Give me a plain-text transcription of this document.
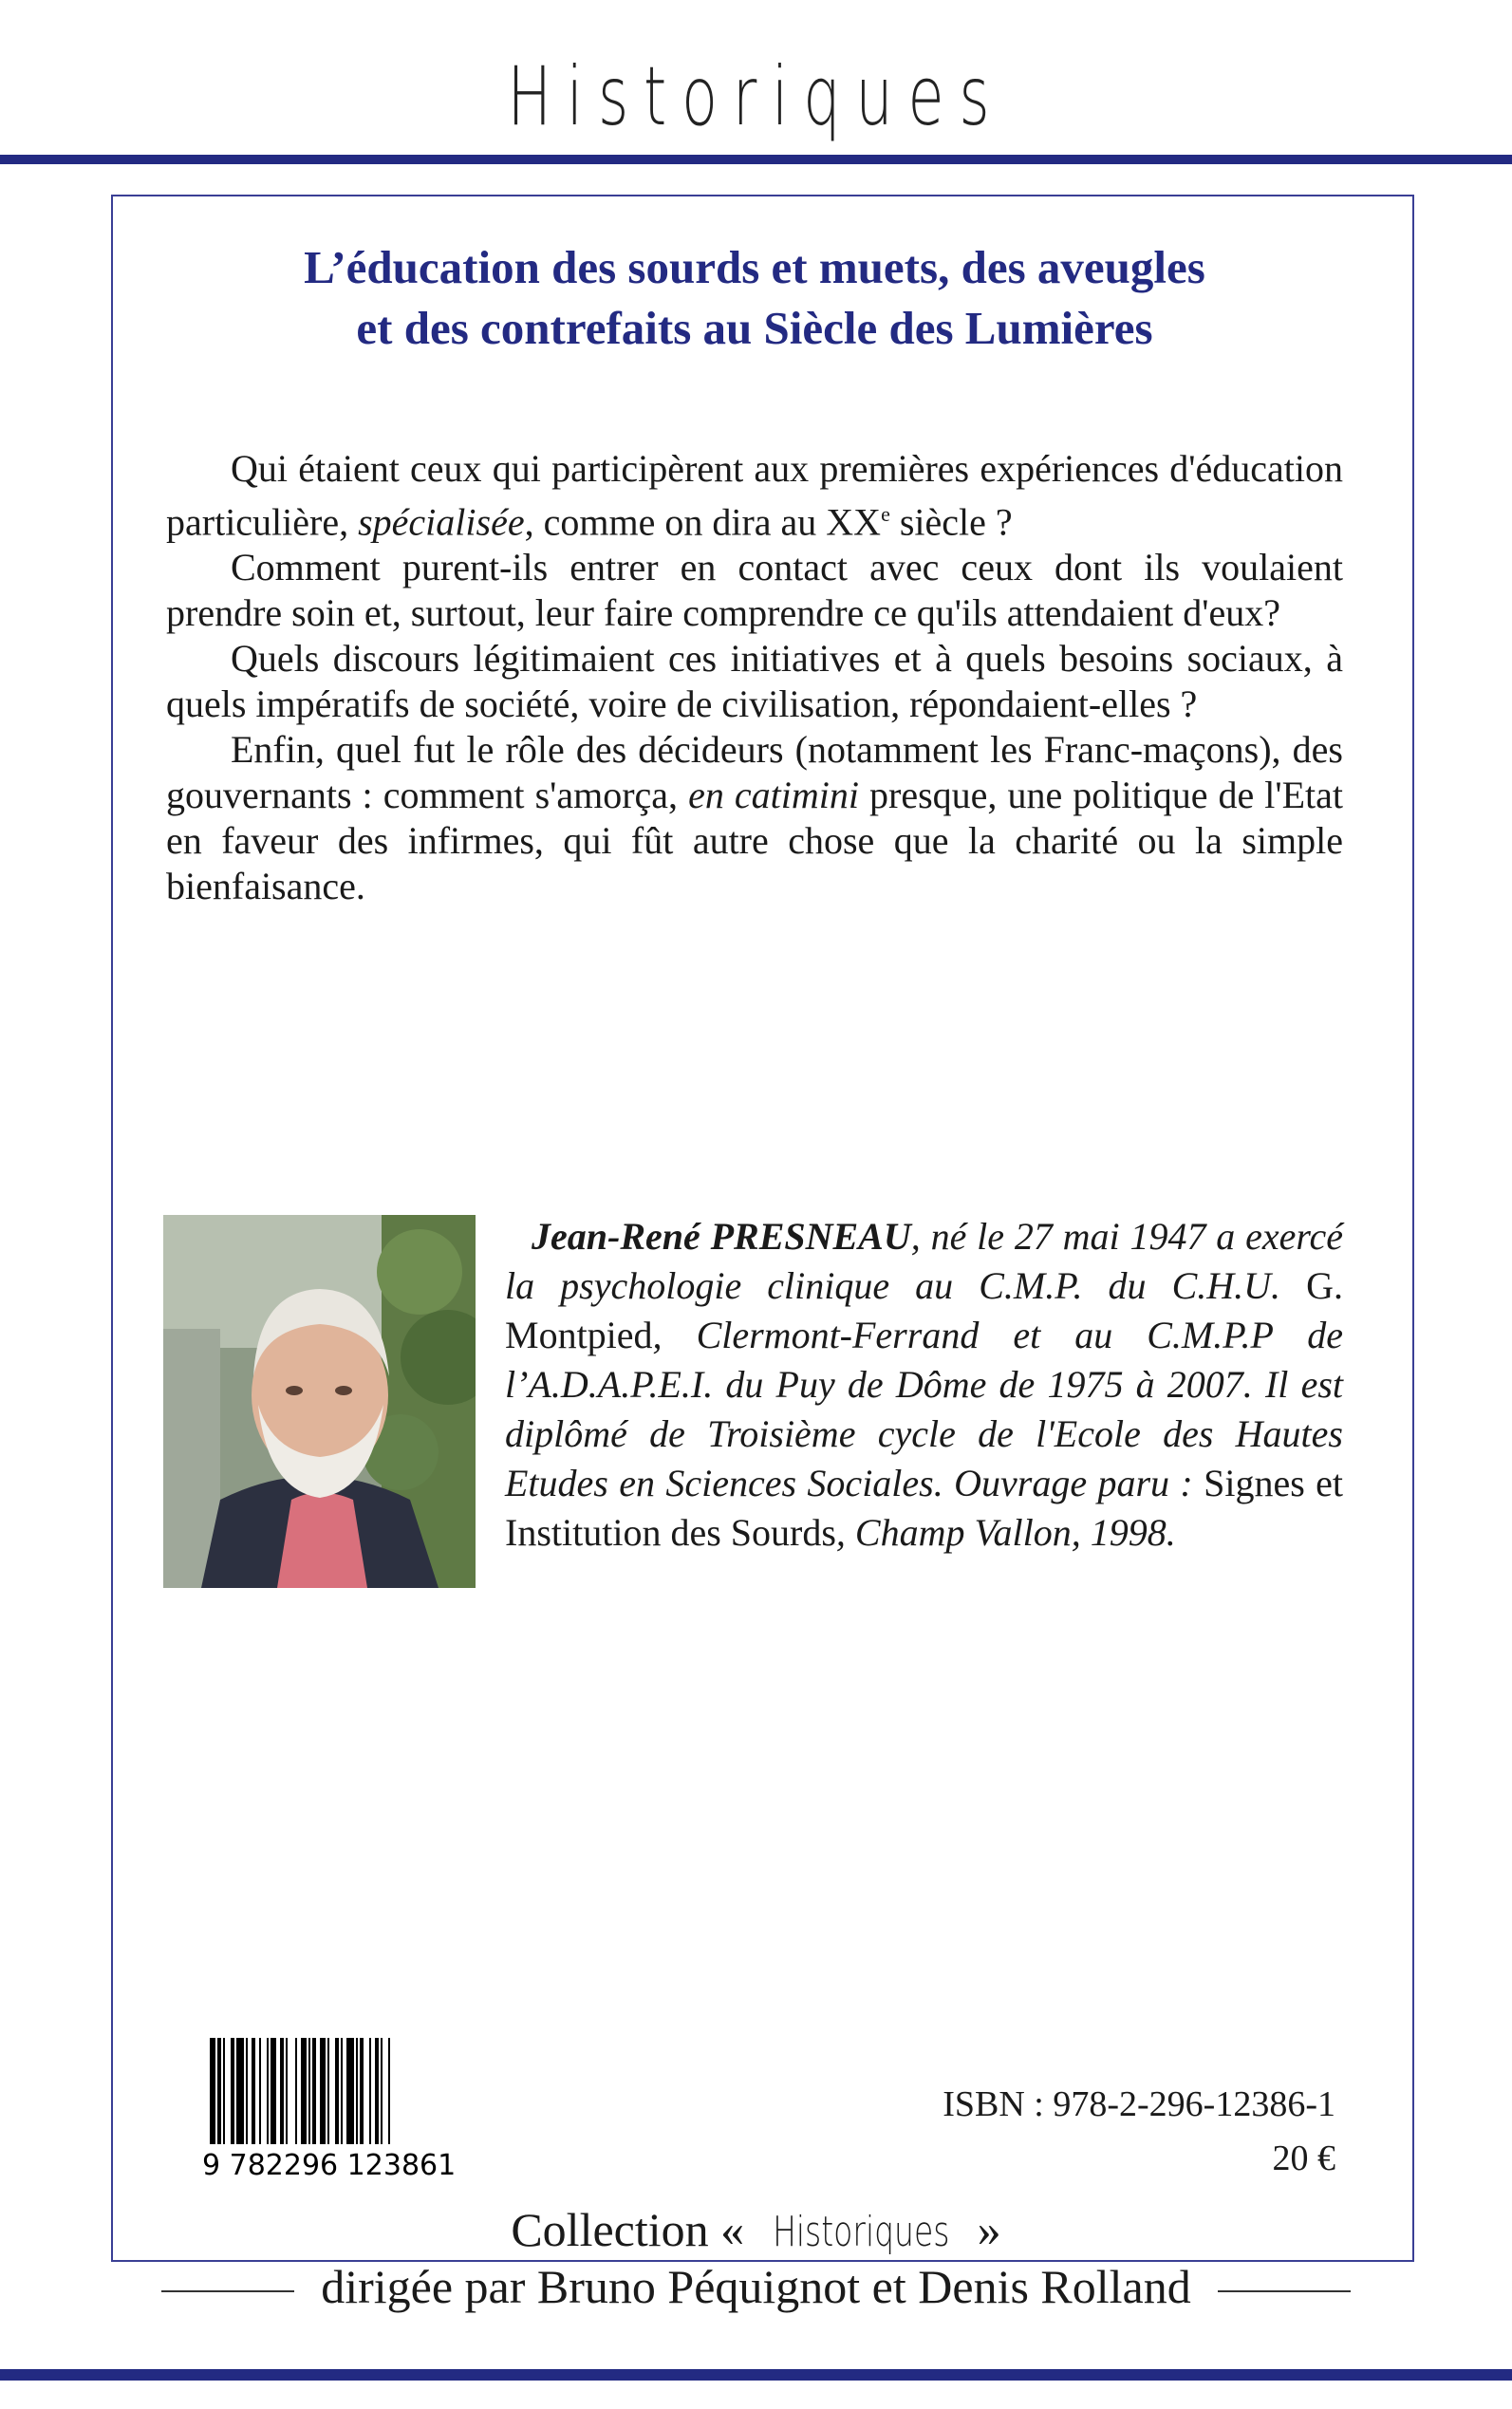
Historiques
L’éducation des sourds et muets, des aveugles
et des contrefaits au Siècle des Lumières

Qui étaient ceux qui participèrent aux premières expériences d'éducation particulière, spécialisée, comme on dira au XXe siècle ?

Comment purent-ils entrer en contact avec ceux dont ils voulaient prendre soin et, surtout, leur faire comprendre ce qu'ils attendaient d'eux?

Quels discours légitimaient ces initiatives et à quels besoins sociaux, à quels impératifs de société, voire de civilisation, répondaient-elles ?

Enfin, quel fut le rôle des décideurs (notamment les Franc-maçons), des gouvernants : comment s'amorça, en catimini presque, une politique de l'Etat en faveur des infirmes, qui fût autre chose que la charité ou la simple bienfaisance.

Jean-René PRESNEAU, né le 27 mai 1947 a exercé la psychologie clinique au C.M.P. du C.H.U. G. Montpied, Clermont-Ferrand et au C.M.P.P de l’A.D.A.P.E.I. du Puy de Dôme de 1975 à 2007. Il est diplômé de Troisième cycle de l'Ecole des Hautes Etudes en Sciences Sociales. Ouvrage paru : Signes et Institution des Sourds, Champ Vallon, 1998.

9 782296 123861
ISBN : 978-2-296-12386-1
20 €
Collection « Historiques »
dirigée par Bruno Péquignot et Denis Rolland
